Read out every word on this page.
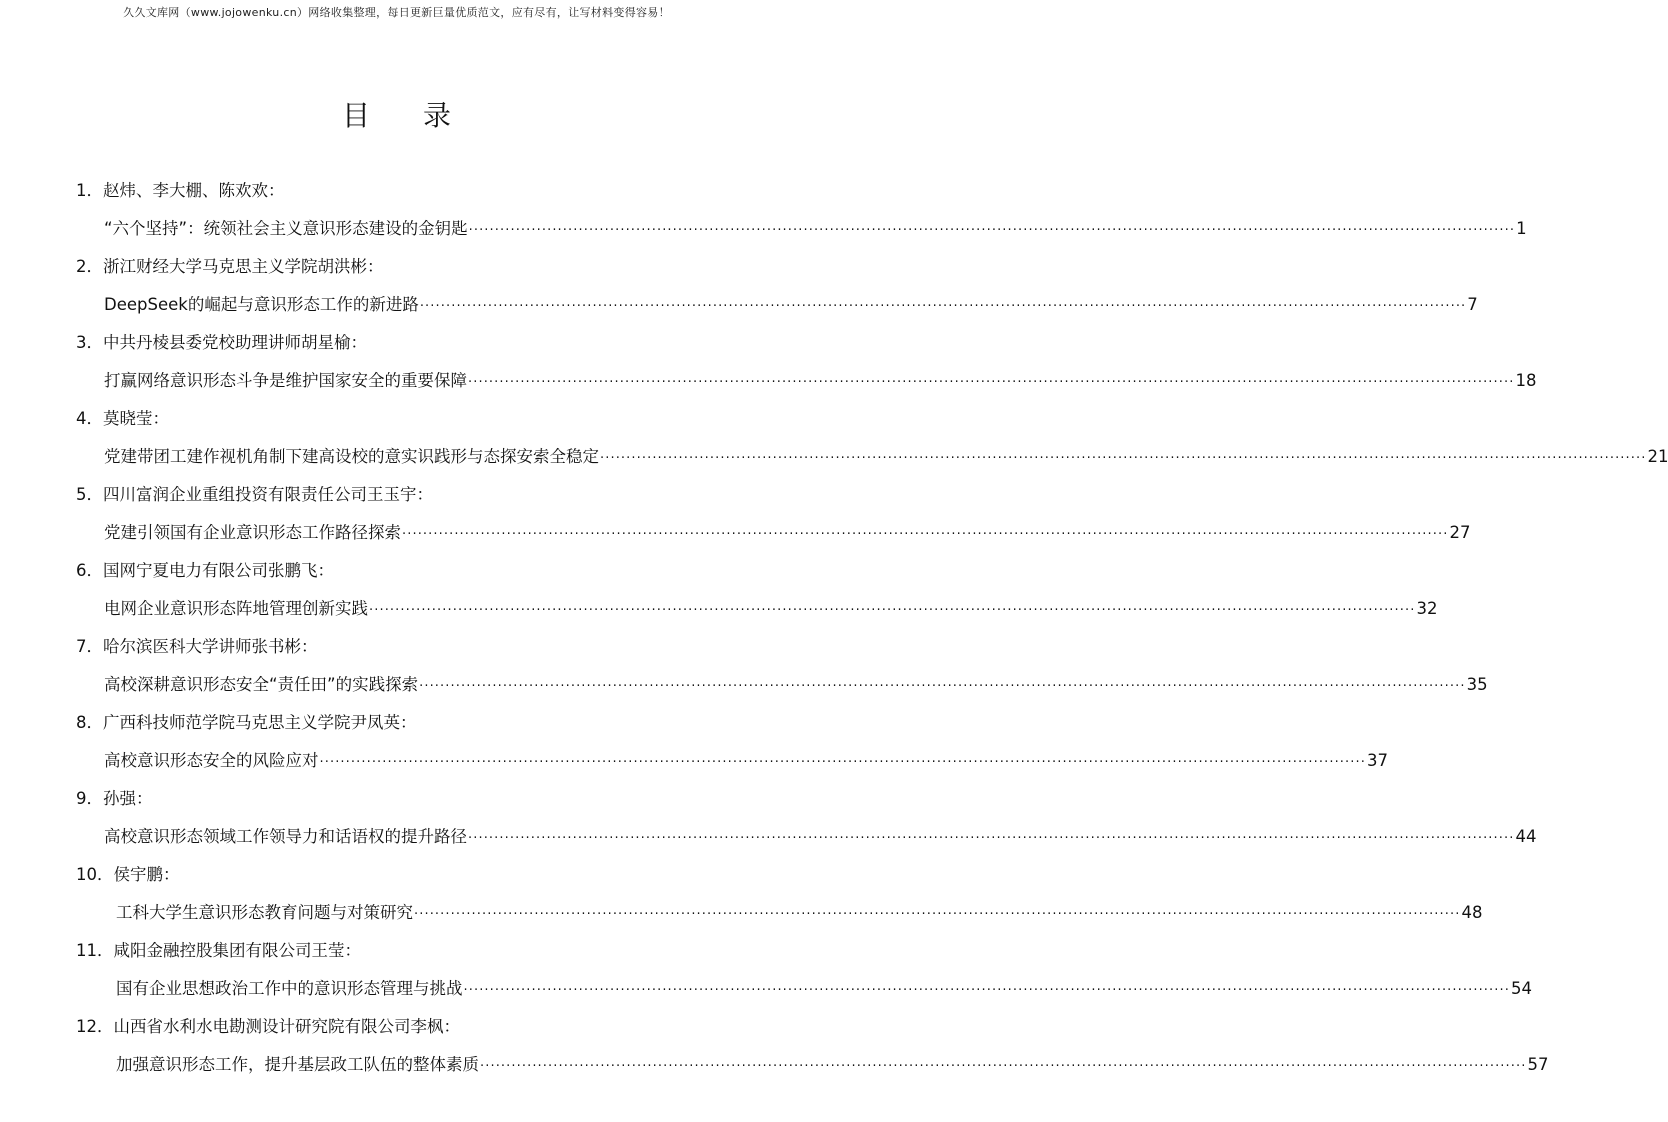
久久文库网（www.jojowenku.cn）网络收集整理，每日更新巨量优质范文，应有尽有，让写材料变得容易！
目 录
1．赵炜、李大棚、陈欢欢：
“六个坚持”：统领社会主义意识形态建设的金钥匙 ········································································································································································································ 1
2．浙江财经大学马克思主义学院胡洪彬：
DeepSeek的崛起与意识形态工作的新进路 ········································································································································································································ 7
3．中共丹棱县委党校助理讲师胡星榆：
打赢网络意识形态斗争是维护国家安全的重要保障 ········································································································································································································ 18
4．莫晓莹：
党建带团工建作视机角制下建高设校的意实识践形与态探安索全稳定 ········································································································································································································ 21
5．四川富润企业重组投资有限责任公司王玉宇：
党建引领国有企业意识形态工作路径探索 ········································································································································································································ 27
6．国网宁夏电力有限公司张鹏飞：
电网企业意识形态阵地管理创新实践 ········································································································································································································ 32
7．哈尔滨医科大学讲师张书彬：
高校深耕意识形态安全“责任田”的实践探索 ········································································································································································································ 35
8．广西科技师范学院马克思主义学院尹凤英：
高校意识形态安全的风险应对 ········································································································································································································ 37
9．孙强：
高校意识形态领域工作领导力和话语权的提升路径 ········································································································································································································ 44
10．侯宇鹏：
工科大学生意识形态教育问题与对策研究 ········································································································································································································ 48
11．咸阳金融控股集团有限公司王莹：
国有企业思想政治工作中的意识形态管理与挑战 ········································································································································································································ 54
12．山西省水利水电勘测设计研究院有限公司李枫：
加强意识形态工作，提升基层政工队伍的整体素质 ········································································································································································································ 57
